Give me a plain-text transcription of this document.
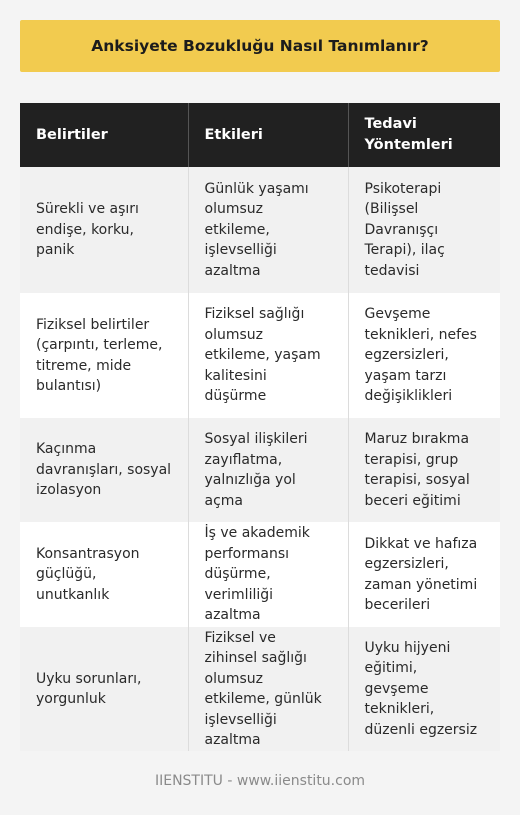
Anksiyete Bozukluğu Nasıl Tanımlanır?
Belirtiler	Etkileri	Tedavi Yöntemleri
Sürekli ve aşırı endişe, korku, panik	Günlük yaşamı olumsuz etkileme, işlevselliği azaltma	Psikoterapi (Bilişsel Davranışçı Terapi), ilaç tedavisi
Fiziksel belirtiler (çarpıntı, terleme, titreme, mide bulantısı)	Fiziksel sağlığı olumsuz etkileme, yaşam kalitesini düşürme	Gevşeme teknikleri, nefes egzersizleri, yaşam tarzı değişiklikleri
Kaçınma davranışları, sosyal izolasyon	Sosyal ilişkileri zayıflatma, yalnızlığa yol açma	Maruz bırakma terapisi, grup terapisi, sosyal beceri eğitimi
Konsantrasyon güçlüğü, unutkanlık	İş ve akademik performansı düşürme, verimliliği azaltma	Dikkat ve hafıza egzersizleri, zaman yönetimi becerileri
Uyku sorunları, yorgunluk	Fiziksel ve zihinsel sağlığı olumsuz etkileme, günlük işlevselliği azaltma	Uyku hijyeni eğitimi, gevşeme teknikleri, düzenli egzersiz
IIENSTITU - www.iienstitu.com
